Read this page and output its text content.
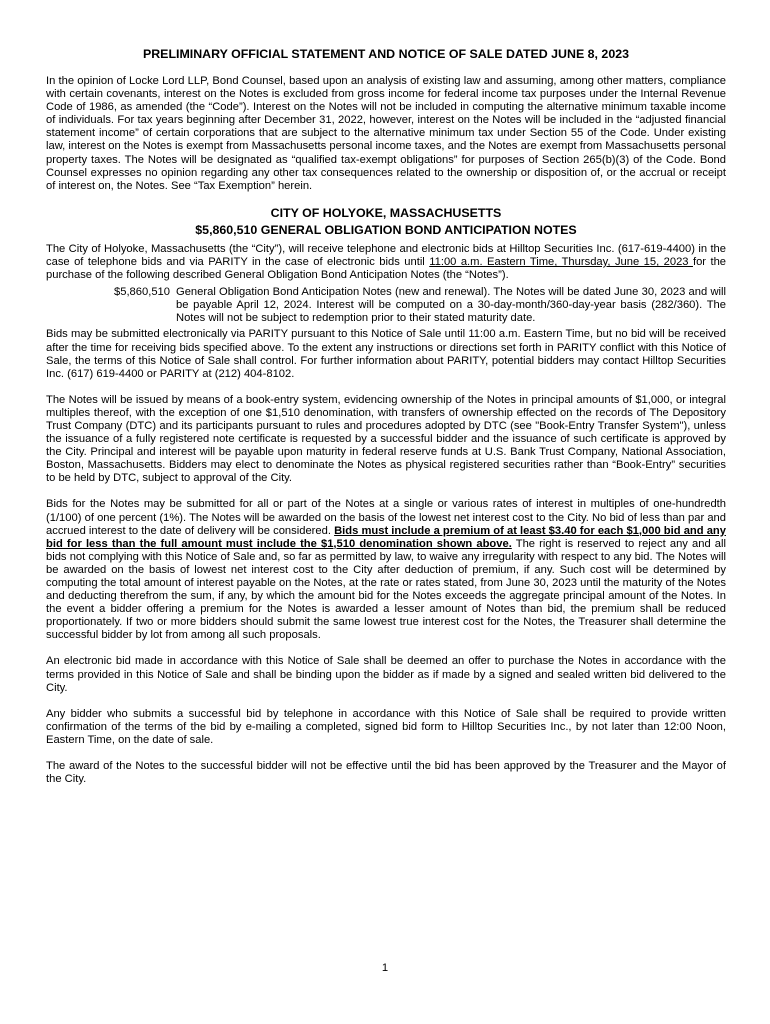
PRELIMINARY OFFICIAL STATEMENT AND NOTICE OF SALE DATED JUNE 8, 2023

In the opinion of Locke Lord LLP, Bond Counsel, based upon an analysis of existing law and assuming, among other matters, compliance with certain covenants, interest on the Notes is excluded from gross income for federal income tax purposes under the Internal Revenue Code of 1986, as amended (the “Code”). Interest on the Notes will not be included in computing the alternative minimum taxable income of individuals. For tax years beginning after December 31, 2022, however, interest on the Notes will be included in the “adjusted financial statement income” of certain corporations that are subject to the alternative minimum tax under Section 55 of the Code. Under existing law, interest on the Notes is exempt from Massachusetts personal income taxes, and the Notes are exempt from Massachusetts personal property taxes. The Notes will be designated as “qualified tax-exempt obligations” for purposes of Section 265(b)(3) of the Code. Bond Counsel expresses no opinion regarding any other tax consequences related to the ownership or disposition of, or the accrual or receipt of interest on, the Notes. See “Tax Exemption” herein.

CITY OF HOLYOKE, MASSACHUSETTS
$5,860,510 GENERAL OBLIGATION BOND ANTICIPATION NOTES

The City of Holyoke, Massachusetts (the “City”), will receive telephone and electronic bids at Hilltop Securities Inc. (617-619-4400) in the case of telephone bids and via PARITY in the case of electronic bids until 11:00 a.m. Eastern Time, Thursday, June 15, 2023 for the purchase of the following described General Obligation Bond Anticipation Notes (the “Notes”).

$5,860,510 General Obligation Bond Anticipation Notes (new and renewal). The Notes will be dated June 30, 2023 and will be payable April 12, 2024. Interest will be computed on a 30-day-month/360-day-year basis (282/360). The Notes will not be subject to redemption prior to their stated maturity date.

Bids may be submitted electronically via PARITY pursuant to this Notice of Sale until 11:00 a.m. Eastern Time, but no bid will be received after the time for receiving bids specified above. To the extent any instructions or directions set forth in PARITY conflict with this Notice of Sale, the terms of this Notice of Sale shall control. For further information about PARITY, potential bidders may contact Hilltop Securities Inc. (617) 619-4400 or PARITY at (212) 404-8102.

The Notes will be issued by means of a book-entry system, evidencing ownership of the Notes in principal amounts of $1,000, or integral multiples thereof, with the exception of one $1,510 denomination, with transfers of ownership effected on the records of The Depository Trust Company (DTC) and its participants pursuant to rules and procedures adopted by DTC (see "Book-Entry Transfer System"), unless the issuance of a fully registered note certificate is requested by a successful bidder and the issuance of such certificate is approved by the City. Principal and interest will be payable upon maturity in federal reserve funds at U.S. Bank Trust Company, National Association, Boston, Massachusetts. Bidders may elect to denominate the Notes as physical registered securities rather than “Book-Entry” securities to be held by DTC, subject to approval of the City.

Bids for the Notes may be submitted for all or part of the Notes at a single or various rates of interest in multiples of one-hundredth (1/100) of one percent (1%). The Notes will be awarded on the basis of the lowest net interest cost to the City. No bid of less than par and accrued interest to the date of delivery will be considered. Bids must include a premium of at least $3.40 for each $1,000 bid and any bid for less than the full amount must include the $1,510 denomination shown above. The right is reserved to reject any and all bids not complying with this Notice of Sale and, so far as permitted by law, to waive any irregularity with respect to any bid. The Notes will be awarded on the basis of lowest net interest cost to the City after deduction of premium, if any. Such cost will be determined by computing the total amount of interest payable on the Notes, at the rate or rates stated, from June 30, 2023 until the maturity of the Notes and deducting therefrom the sum, if any, by which the amount bid for the Notes exceeds the aggregate principal amount of the Notes. In the event a bidder offering a premium for the Notes is awarded a lesser amount of Notes than bid, the premium shall be reduced proportionately. If two or more bidders should submit the same lowest true interest cost for the Notes, the Treasurer shall determine the successful bidder by lot from among all such proposals.

An electronic bid made in accordance with this Notice of Sale shall be deemed an offer to purchase the Notes in accordance with the terms provided in this Notice of Sale and shall be binding upon the bidder as if made by a signed and sealed written bid delivered to the City.

Any bidder who submits a successful bid by telephone in accordance with this Notice of Sale shall be required to provide written confirmation of the terms of the bid by e-mailing a completed, signed bid form to Hilltop Securities Inc., by not later than 12:00 Noon, Eastern Time, on the date of sale.

The award of the Notes to the successful bidder will not be effective until the bid has been approved by the Treasurer and the Mayor of the City.

1
